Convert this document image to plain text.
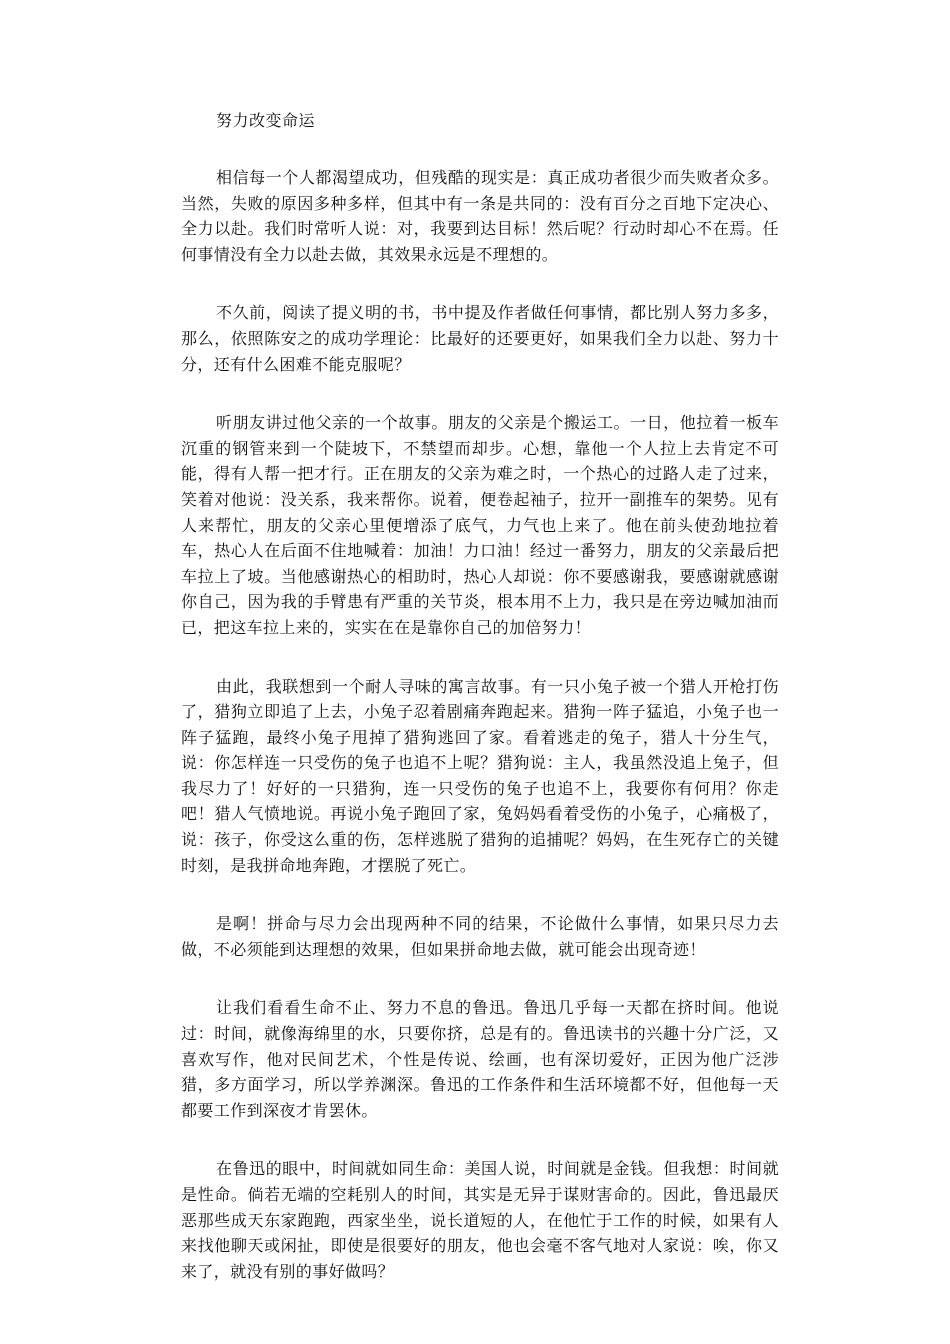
努力改变命运

相信每一个人都渴望成功，但残酷的现实是：真正成功者很少而失败者众多。当然，失败的原因多种多样，但其中有一条是共同的：没有百分之百地下定决心、全力以赴。我们时常听人说：对，我要到达目标！然后呢？行动时却心不在焉。任何事情没有全力以赴去做，其效果永远是不理想的。

不久前，阅读了提义明的书，书中提及作者做任何事情，都比别人努力多多，那么，依照陈安之的成功学理论：比最好的还要更好，如果我们全力以赴、努力十分，还有什么困难不能克服呢？

听朋友讲过他父亲的一个故事。朋友的父亲是个搬运工。一日，他拉着一板车沉重的钢管来到一个陡坡下，不禁望而却步。心想，靠他一个人拉上去肯定不可能，得有人帮一把才行。正在朋友的父亲为难之时，一个热心的过路人走了过来，笑着对他说：没关系，我来帮你。说着，便卷起袖子，拉开一副推车的架势。见有人来帮忙，朋友的父亲心里便增添了底气，力气也上来了。他在前头使劲地拉着车，热心人在后面不住地喊着：加油！力口油！经过一番努力，朋友的父亲最后把车拉上了坡。当他感谢热心的相助时，热心人却说：你不要感谢我，要感谢就感谢你自己，因为我的手臂患有严重的关节炎，根本用不上力，我只是在旁边喊加油而已，把这车拉上来的，实实在在是靠你自己的加倍努力！

由此，我联想到一个耐人寻味的寓言故事。有一只小兔子被一个猎人开枪打伤了，猎狗立即追了上去，小兔子忍着剧痛奔跑起来。猎狗一阵子猛追，小兔子也一阵子猛跑，最终小兔子甩掉了猎狗逃回了家。看着逃走的兔子，猎人十分生气，说：你怎样连一只受伤的兔子也追不上呢？猎狗说：主人，我虽然没追上兔子，但我尽力了！好好的一只猎狗，连一只受伤的兔子也追不上，我要你有何用？你走吧！猎人气愤地说。再说小兔子跑回了家，兔妈妈看着受伤的小兔子，心痛极了，说：孩子，你受这么重的伤，怎样逃脱了猎狗的追捕呢？妈妈，在生死存亡的关键时刻，是我拼命地奔跑，才摆脱了死亡。

是啊！拼命与尽力会出现两种不同的结果，不论做什么事情，如果只尽力去做，不必须能到达理想的效果，但如果拼命地去做，就可能会出现奇迹！

让我们看看生命不止、努力不息的鲁迅。鲁迅几乎每一天都在挤时间。他说过：时间，就像海绵里的水，只要你挤，总是有的。鲁迅读书的兴趣十分广泛，又喜欢写作，他对民间艺术，个性是传说、绘画，也有深切爱好，正因为他广泛涉猎，多方面学习，所以学养渊深。鲁迅的工作条件和生活环境都不好，但他每一天都要工作到深夜才肯罢休。

在鲁迅的眼中，时间就如同生命：美国人说，时间就是金钱。但我想：时间就是性命。倘若无端的空耗别人的时间，其实是无异于谋财害命的。因此，鲁迅最厌恶那些成天东家跑跑，西家坐坐，说长道短的人，在他忙于工作的时候，如果有人来找他聊天或闲扯，即使是很要好的朋友，他也会毫不客气地对人家说：唉，你又来了，就没有别的事好做吗？
